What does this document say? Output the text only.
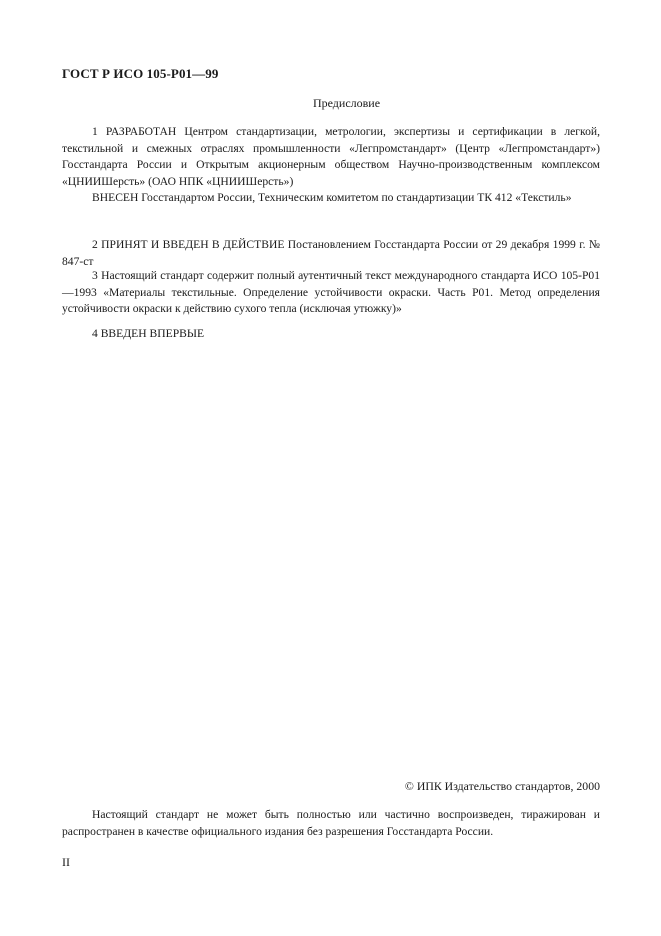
ГОСТ Р ИСО 105-Р01—99
Предисловие

1 РАЗРАБОТАН Центром стандартизации, метрологии, экспертизы и сертификации в легкой, текстильной и смежных отраслях промышленности «Легпромстандарт» (Центр «Легпромстандарт») Госстандарта России и Открытым акционерным обществом Научно-производственным комплексом «ЦНИИШерсть» (ОАО НПК «ЦНИИШерсть»)

ВНЕСЕН Госстандартом России, Техническим комитетом по стандартизации ТК 412 «Текстиль»

2 ПРИНЯТ И ВВЕДЕН В ДЕЙСТВИЕ Постановлением Госстандарта России от 29 декабря 1999 г. № 847-ст

3 Настоящий стандарт содержит полный аутентичный текст международного стандарта ИСО 105-Р01—1993 «Материалы текстильные. Определение устойчивости окраски. Часть Р01. Метод определения устойчивости окраски к действию сухого тепла (исключая утюжку)»

4 ВВЕДЕН ВПЕРВЫЕ

© ИПК Издательство стандартов, 2000

Настоящий стандарт не может быть полностью или частично воспроизведен, тиражирован и распространен в качестве официального издания без разрешения Госстандарта России.

II
